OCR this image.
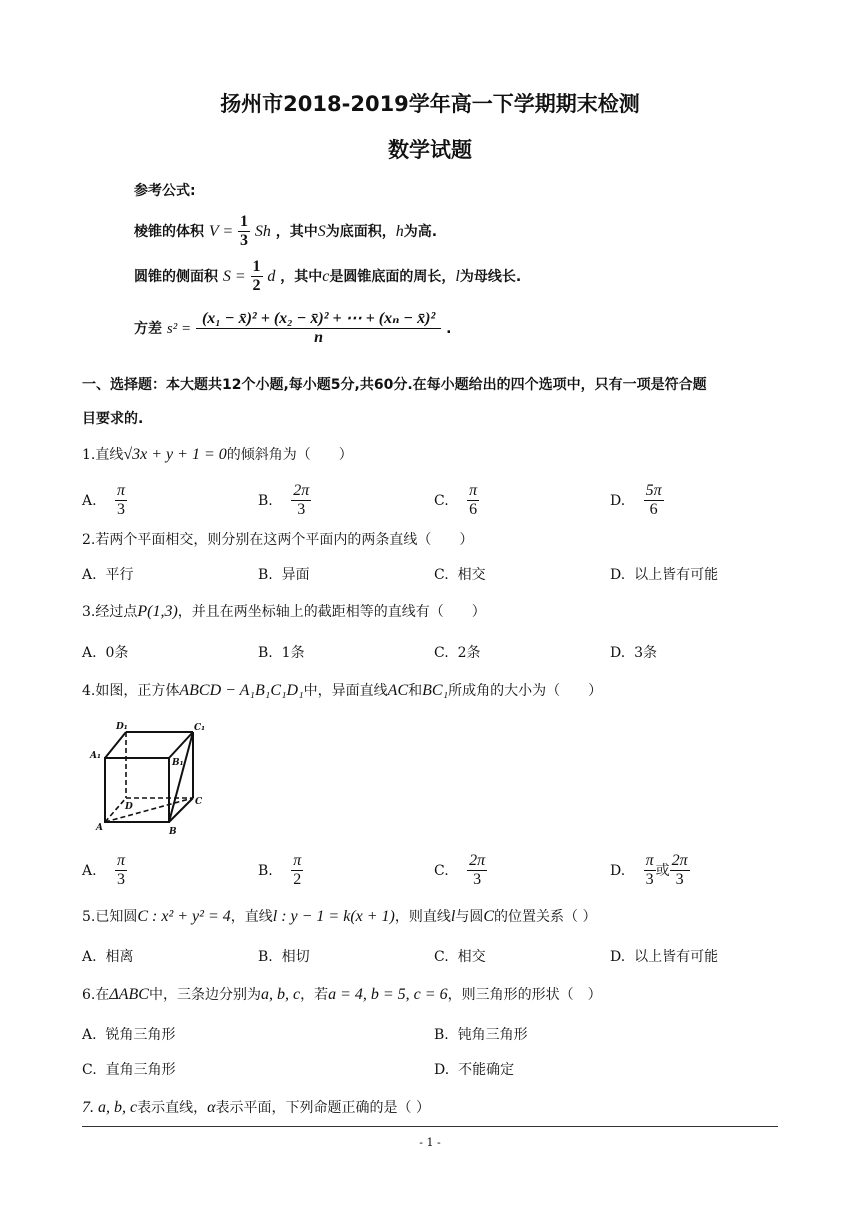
扬州市2018-2019学年高一下学期期末检测
数学试题
参考公式:
棱锥的体积 $V = \frac{1}{3}$ Sh ，其中S为底面积，h为高.
圆锥的侧面积 $S = \frac{1}{2}$ d ，其中c是圆锥底面的周长，l为母线长.
方差 $s^2 = \frac{\text{(x₁ − x̄)² + (x₂ − x̄)² + ⋯ + (xₙ − x̄)²}}{n}$ .
一、选择题：本大题共12个小题,每小题5分,共60分.在每小题给出的四个选项中，只有一项是符合题
目要求的.
1.直线√3x + y + 1 = 0的倾斜角为（　　）
A. $\frac{\pi}{3}$	B. $\frac{2\pi}{3}$	C. $\frac{\pi}{6}$	D. $\frac{5\pi}{6}$
2.若两个平面相交，则分别在这两个平面内的两条直线（　　）
A. 平行	B. 异面	C. 相交	D. 以上皆有可能
3.经过点P(1,3)，并且在两坐标轴上的截距相等的直线有（　　）
A. 0条	B. 1条	C. 2条	D. 3条
4.如图，正方体ABCD − A₁B₁C₁D₁中，异面直线AC和BC₁所成角的大小为（　　）
D₁	C₁
A₁
B₁
D	C
A	B
A. $\frac{\pi}{3}$	B. $\frac{\pi}{2}$	C. $\frac{2\pi}{3}$	D. $\frac{\pi}{3}$ 或 $\frac{2\pi}{3}$
5.已知圆C : x² + y² = 4，直线l : y − 1 = k(x + 1)，则直线l与圆C的位置关系（ ）
A. 相离	B. 相切	C. 相交	D. 以上皆有可能
6.在ΔABC中，三条边分别为a, b, c，若a = 4, b = 5, c = 6，则三角形的形状（　）
A. 锐角三角形	B. 钝角三角形
C. 直角三角形	D. 不能确定
7. a, b, c表示直线，α表示平面，下列命题正确的是（ ）
- 1 -
